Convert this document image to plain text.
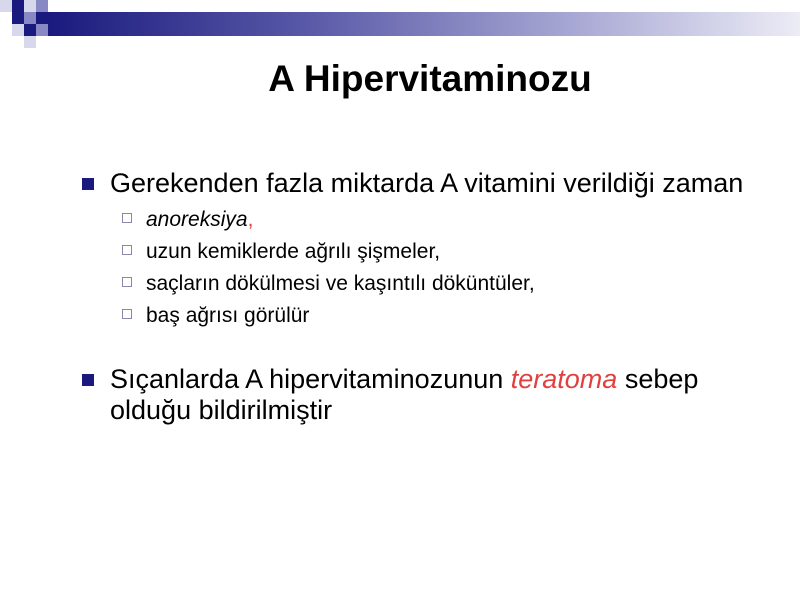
A Hipervitaminozu
Gerekenden fazla miktarda A vitamini verildiği zaman
anoreksiya,
uzun kemiklerde ağrılı şişmeler,
saçların dökülmesi ve kaşıntılı döküntüler,
baş ağrısı görülür
Sıçanlarda A hipervitaminozunun teratoma sebep olduğu bildirilmiştir
